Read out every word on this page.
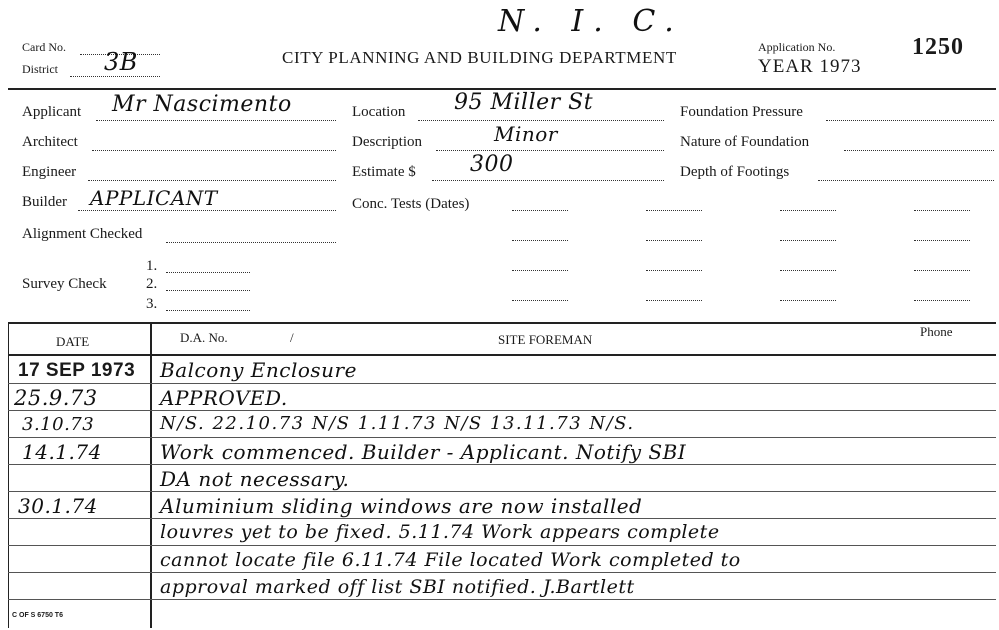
N. I. C.
Card No.
District 3B	CITY PLANNING AND BUILDING DEPARTMENT
Application No.
YEAR 1973
1250
Applicant Mr Nascimento
Architect
Engineer
Builder APPLICANT
Alignment Checked
Survey Check
1.
2.
3.
Location 95 Miller St
Description	Minor
Estimate $ 300
Conc. Tests (Dates)
Foundation Pressure
Nature of Foundation
Depth of Footings
DATE	D.A. No.	/	SITE FOREMAN
Phone
17 SEP 1973 Balcony Enclosure
25.9.73	APPROVED.
3.10.73	N/S. 22.10.73 N/S 1.11.73 N/S 13.11.73 N/S.
14.1.74	Work commenced. Builder - Applicant. Notify SBI
DA not necessary.
30.1.74	Aluminium sliding windows are now installed
louvres yet to be fixed. 5.11.74 Work appears complete
cannot locate file 6.11.74 File located Work completed to
approval marked off list SBI notified. J.Bartlett
C OF S 6750 T6
